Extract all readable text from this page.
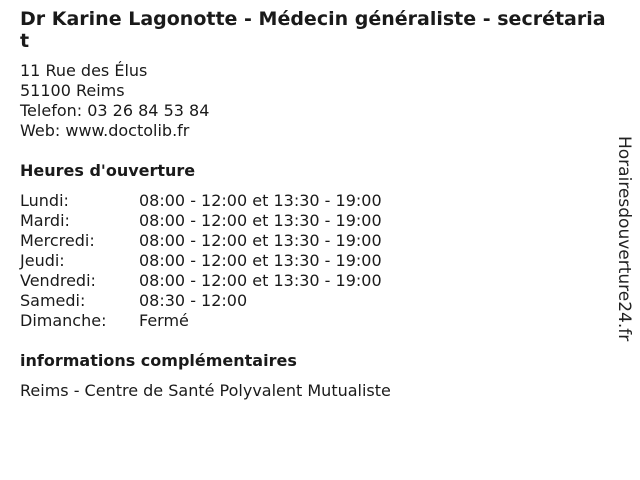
Dr Karine Lagonotte - Médecin généraliste - secrétariat
11 Rue des Élus
51100 Reims
Telefon: 03 26 84 53 84
Web: www.doctolib.fr
Heures d'ouverture
Lundi:	08:00 - 12:00 et 13:30 - 19:00
Mardi:	08:00 - 12:00 et 13:30 - 19:00
Mercredi:	08:00 - 12:00 et 13:30 - 19:00
Jeudi:	08:00 - 12:00 et 13:30 - 19:00
Vendredi:	08:00 - 12:00 et 13:30 - 19:00
Samedi:	08:30 - 12:00
Dimanche:	Fermé
informations complémentaires
Reims - Centre de Santé Polyvalent Mutualiste
Horairesdouverture24.fr
